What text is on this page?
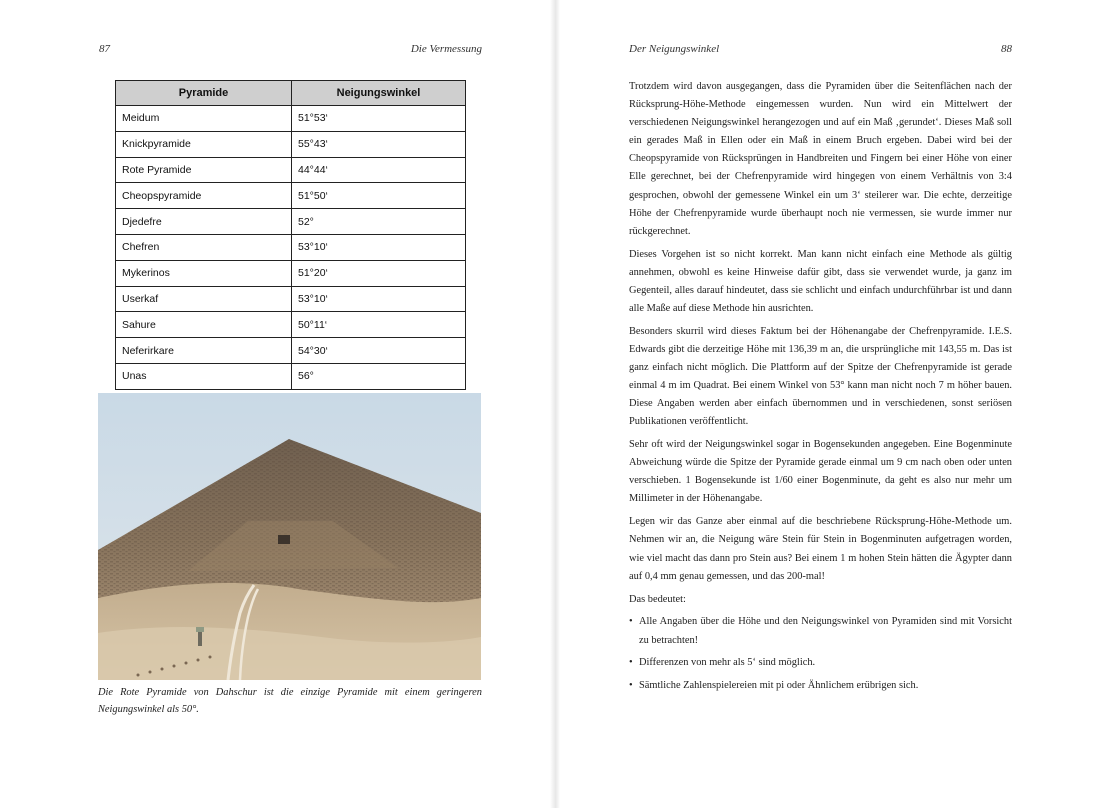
87	Die Vermessung
Pyramide	Neigungswinkel
Meidum	51°53‘
Knickpyramide	55°43‘
Rote Pyramide	44°44‘
Cheopspyramide	51°50‘
Djedefre	52°
Chefren	53°10‘
Mykerinos	51°20‘
Userkaf	53°10‘
Sahure	50°11‘
Neferirkare	54°30‘
Unas	56°
Die Rote Pyramide von Dahschur ist die einzige Pyramide mit einem geringeren Neigungswinkel als 50°.
Der Neigungswinkel	88

Trotzdem wird davon ausgegangen, dass die Pyramiden über die Seitenflächen nach der Rücksprung-Höhe-Methode eingemessen wurden. Nun wird ein Mittelwert der verschiedenen Neigungswinkel herangezogen und auf ein Maß ‚gerundet‘. Dieses Maß soll ein gerades Maß in Ellen oder ein Maß in einem Bruch ergeben. Dabei wird bei der Cheopspyramide von Rücksprüngen in Handbreiten und Fingern bei einer Höhe von einer Elle gerechnet, bei der Chefrenpyramide wird hingegen von einem Verhältnis von 3:4 gesprochen, obwohl der gemessene Winkel ein um 3‘ steilerer war. Die echte, derzeitige Höhe der Chefrenpyramide wurde überhaupt noch nie vermessen, sie wurde immer nur rückgerechnet.

Dieses Vorgehen ist so nicht korrekt. Man kann nicht einfach eine Methode als gültig annehmen, obwohl es keine Hinweise dafür gibt, dass sie verwendet wurde, ja ganz im Gegenteil, alles darauf hindeutet, dass sie schlicht und einfach undurchführbar ist und dann alle Maße auf diese Methode hin ausrichten.

Besonders skurril wird dieses Faktum bei der Höhenangabe der Chefrenpyramide. I.E.S. Edwards gibt die derzeitige Höhe mit 136,39 m an, die ursprüngliche mit 143,55 m. Das ist ganz einfach nicht möglich. Die Plattform auf der Spitze der Chefrenpyramide ist gerade einmal 4 m im Quadrat. Bei einem Winkel von 53° kann man nicht noch 7 m höher bauen. Diese Angaben werden aber einfach übernommen und in verschiedenen, sonst seriösen Publikationen veröffentlicht.

Sehr oft wird der Neigungswinkel sogar in Bogensekunden angegeben. Eine Bogenminute Abweichung würde die Spitze der Pyramide gerade einmal um 9 cm nach oben oder unten verschieben. 1 Bogensekunde ist 1/60 einer Bogenminute, da geht es also nur mehr um Millimeter in der Höhenangabe.

Legen wir das Ganze aber einmal auf die beschriebene Rücksprung-Höhe-Methode um. Nehmen wir an, die Neigung wäre Stein für Stein in Bogenminuten aufgetragen worden, wie viel macht das dann pro Stein aus? Bei einem 1 m hohen Stein hätten die Ägypter dann auf 0,4 mm genau gemessen, und das 200-mal!

Das bedeutet:

• Alle Angaben über die Höhe und den Neigungswinkel von Pyramiden sind mit Vorsicht zu betrachten!
• Differenzen von mehr als 5‘ sind möglich.
• Sämtliche Zahlenspielereien mit pi oder Ähnlichem erübrigen sich.
